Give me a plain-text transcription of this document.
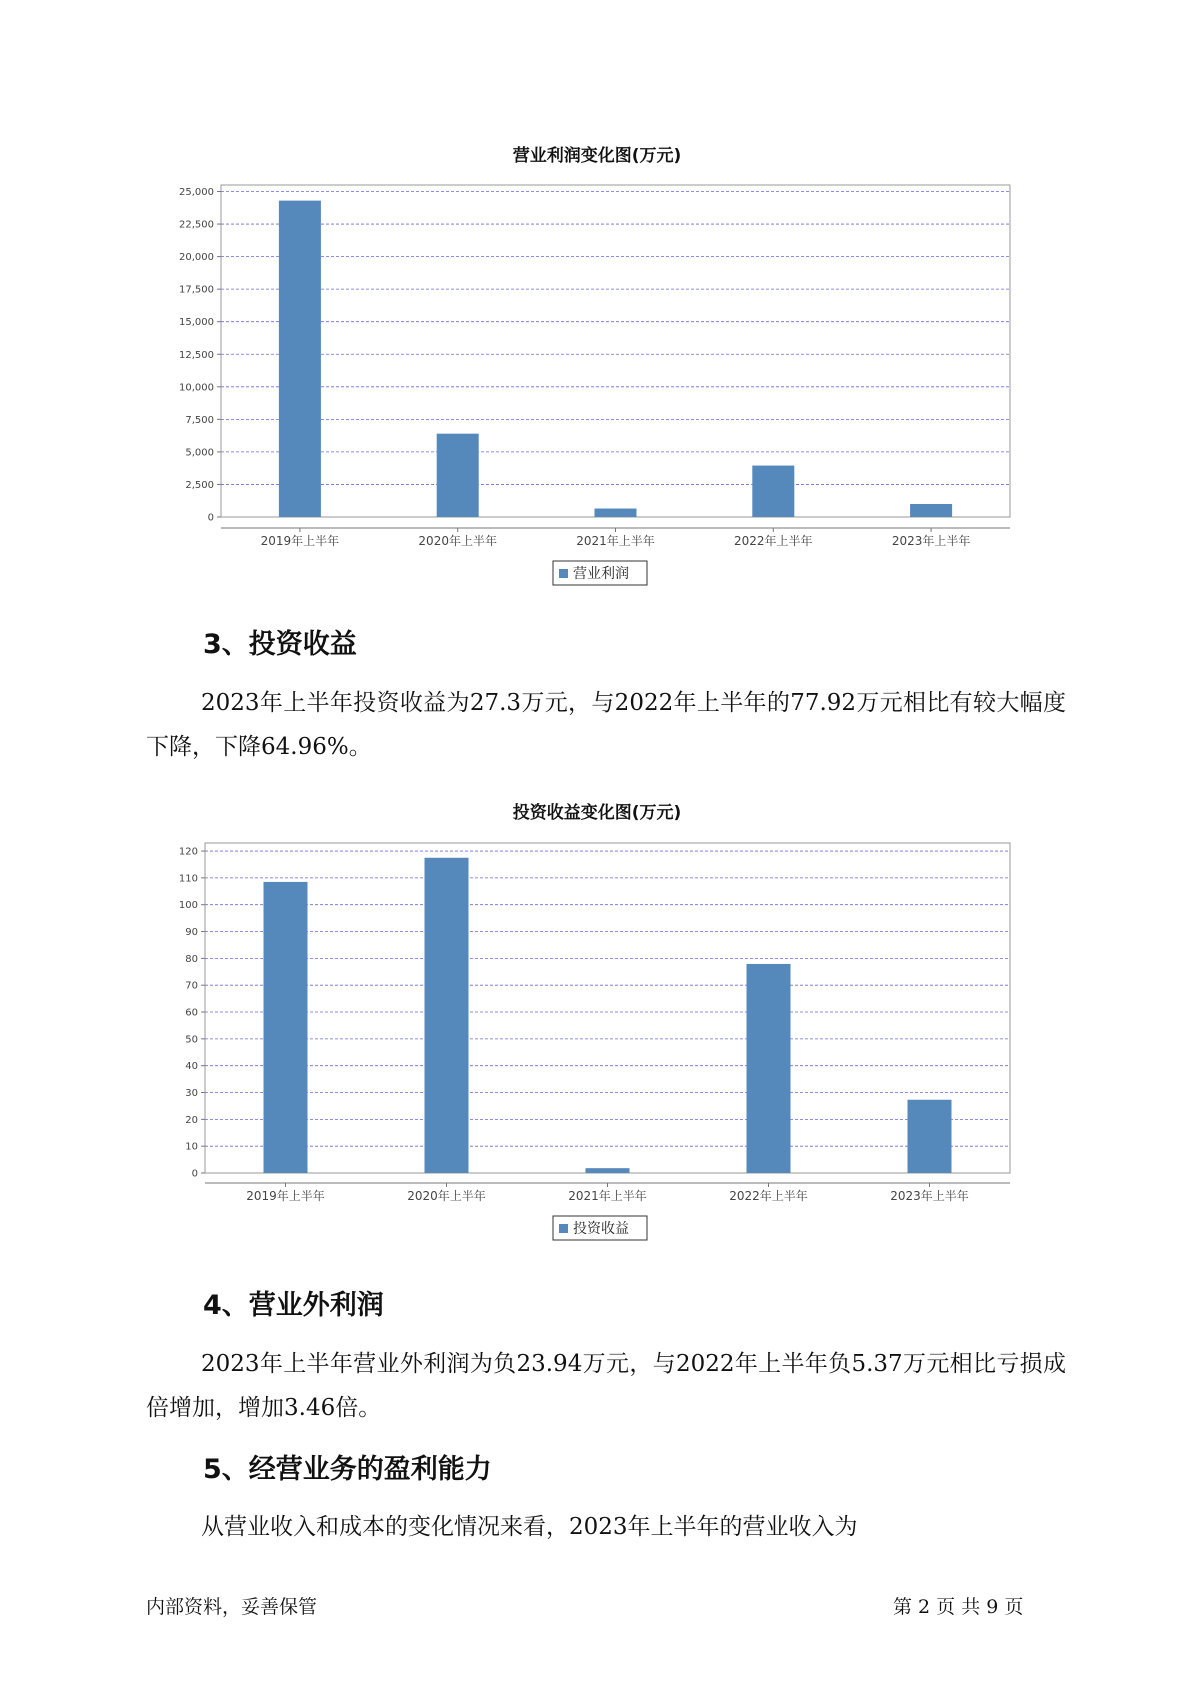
营业利润变化图(万元)
0
2,500
5,000
7,500
10,000
12,500
15,000
17,500
20,000
22,500
25,000
2019年上半年	2020年上半年	2021年上半年	2022年上半年	2023年上半年
营业利润
投资收益变化图(万元)
0
10
20
30
40
50
60
70
80
90
100
110
120
2019年上半年	2020年上半年	2021年上半年	2022年上半年	2023年上半年
投资收益
3、投资收益

2023年上半年投资收益为27.3万元，与2022年上半年的77.92万元相比有较大幅度下降，下降64.96%。

4、营业外利润

2023年上半年营业外利润为负23.94万元，与2022年上半年负5.37万元相比亏损成倍增加，增加3.46倍。

5、经营业务的盈利能力

从营业收入和成本的变化情况来看，2023年上半年的营业收入为

内部资料，妥善保管	第 2 页 共 9 页
